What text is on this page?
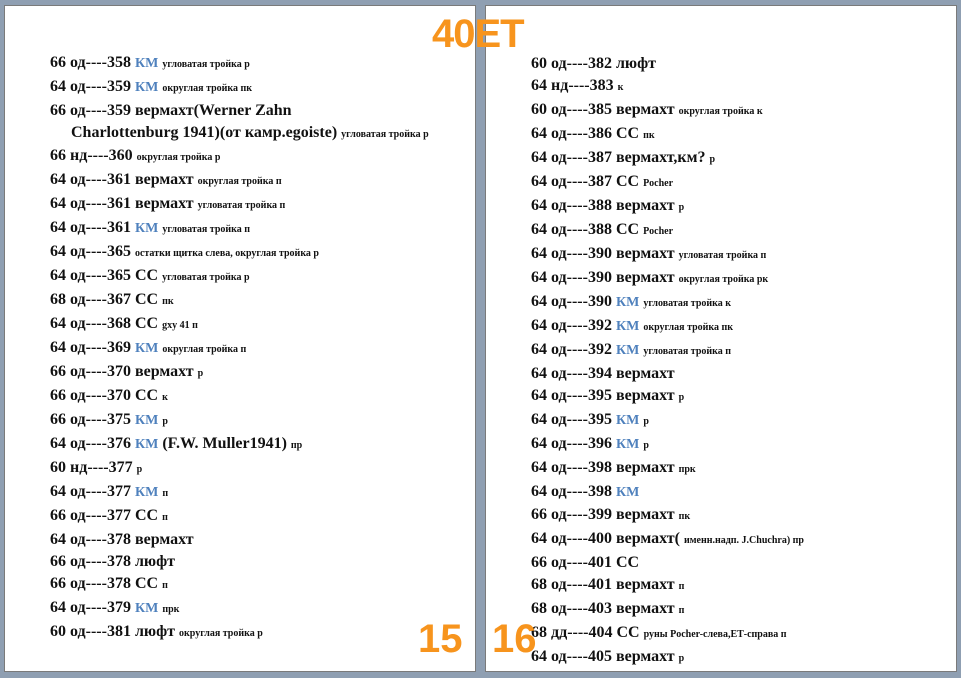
66 од----358 КМ угловатая тройка р
64 од----359 КМ округлая тройка пк
66 од----359 вермахт(Werner Zahn
Charlottenburg 1941)(от камр.egoiste) угловатая тройка р
66 нд----360 округлая тройка р
64 од----361 вермахт округлая тройка п
64 од----361 вермахт угловатая тройка п
64 од----361 КМ угловатая тройка п
64 од----365 остатки щитка слева, округлая тройка р
64 од----365 СС угловатая тройка р
68 од----367 СС пк
64 од----368 СС gxy 41 п
64 од----369 КМ округлая тройка п
66 од----370 вермахт р
66 од----370 СС к
66 од----375 КМ р
64 од----376 КМ (F.W. Muller1941) пр
60 нд----377 р
64 од----377 КМ п
66 од----377 СС п
64 од----378 вермахт
66 од----378 люфт
66 од----378 СС п
64 од----379 КМ прк
60 од----381 люфт округлая тройка р
60 од----382 люфт
64 нд----383 к
60 од----385 вермахт округлая тройка к
64 од----386 СС пк
64 од----387 вермахт,км? р
64 од----387 СС Pocher
64 од----388 вермахт р
64 од----388 СС Pocher
64 од----390 вермахт угловатая тройка п
64 од----390 вермахт округлая тройка рк
64 од----390 КМ угловатая тройка к
64 од----392 КМ округлая тройка пк
64 од----392 КМ угловатая тройка п
64 од----394 вермахт
64 од----395 вермахт р
64 од----395 КМ р
64 од----396 КМ р
64 од----398 вермахт прк
64 од----398 КМ
66 од----399 вермахт пк
64 од----400 вермахт( именн.надп. J.Chuchra) пр
66 од----401 СС
68 од----401 вермахт п
68 од----403 вермахт п
68 дд----404 СС руны Pocher-слева,ЕТ-справа п
64 од----405 вермахт р
40ET
15 16
